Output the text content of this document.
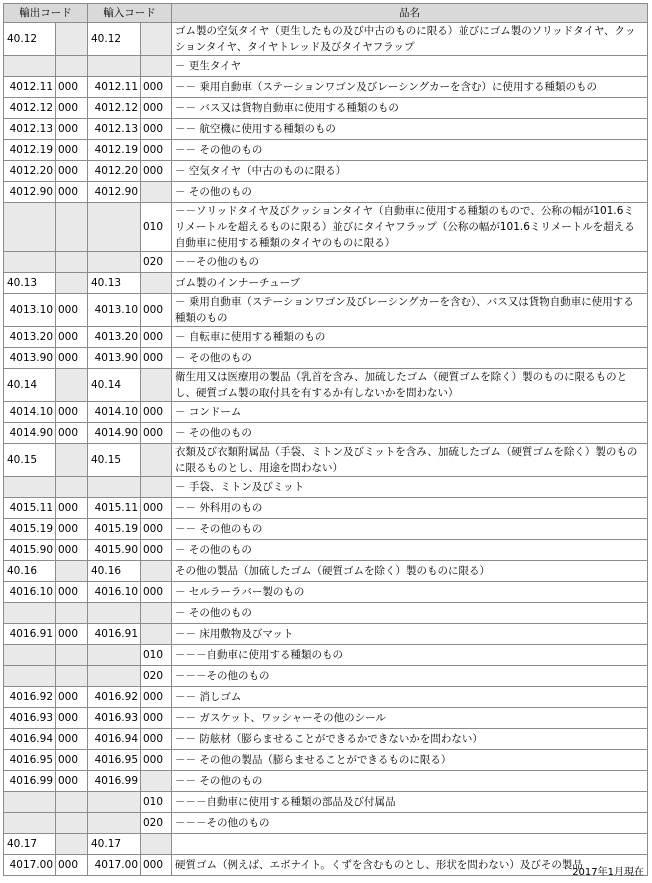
輸出コード		輸入コード		品名
40.12		40.12		ゴム製の空気タイヤ（更生したもの及び中古のものに限る）並びにゴム製のソリッドタイヤ、クッションタイヤ、タイヤトレッド及びタイヤフラップ
				－ 更生タイヤ
4012.11	000	4012.11	000	－－ 乗用自動車（ステーションワゴン及びレーシングカーを含む）に使用する種類のもの
4012.12	000	4012.12	000	－－ バス又は貨物自動車に使用する種類のもの
4012.13	000	4012.13	000	－－ 航空機に使用する種類のもの
4012.19	000	4012.19	000	－－ その他のもの
4012.20	000	4012.20	000	－ 空気タイヤ（中古のものに限る）
4012.90	000	4012.90		－ その他のもの
			010	－－ソリッドタイヤ及びクッションタイヤ（自動車に使用する種類のもので、公称の幅が101.6ミリメートルを超えるものに限る）並びにタイヤフラップ（公称の幅が101.6ミリメートルを超える自動車に使用する種類のタイヤのものに限る）
			020	－－その他のもの
40.13		40.13		ゴム製のインナーチューブ
4013.10	000	4013.10	000	－ 乗用自動車（ステーションワゴン及びレーシングカーを含む）、バス又は貨物自動車に使用する種類のもの
4013.20	000	4013.20	000	－ 自転車に使用する種類のもの
4013.90	000	4013.90	000	－ その他のもの
40.14		40.14		衛生用又は医療用の製品（乳首を含み、加硫したゴム（硬質ゴムを除く）製のものに限るものとし、硬質ゴム製の取付具を有するか有しないかを問わない）
4014.10	000	4014.10	000	－ コンドーム
4014.90	000	4014.90	000	－ その他のもの
40.15		40.15		衣類及び衣類附属品（手袋、ミトン及びミットを含み、加硫したゴム（硬質ゴムを除く）製のものに限るものとし、用途を問わない）
				－ 手袋、ミトン及びミット
4015.11	000	4015.11	000	－－ 外科用のもの
4015.19	000	4015.19	000	－－ その他のもの
4015.90	000	4015.90	000	－ その他のもの
40.16		40.16		その他の製品（加硫したゴム（硬質ゴムを除く）製のものに限る）
4016.10	000	4016.10	000	－ セルラーラバー製のもの
				－ その他のもの
4016.91	000	4016.91		－－ 床用敷物及びマット
			010	－－－自動車に使用する種類のもの
			020	－－－その他のもの
4016.92	000	4016.92	000	－－ 消しゴム
4016.93	000	4016.93	000	－－ ガスケット、ワッシャーその他のシール
4016.94	000	4016.94	000	－－ 防舷材（膨らませることができるかできないかを問わない）
4016.95	000	4016.95	000	－－ その他の製品（膨らませることができるものに限る）
4016.99	000	4016.99		－－ その他のもの
			010	－－－自動車に使用する種類の部品及び付属品
			020	－－－その他のもの
40.17		40.17		
4017.00	000	4017.00	000	硬質ゴム（例えば、エボナイト。くずを含むものとし、形状を問わない）及びその製品
2017年1月現在
